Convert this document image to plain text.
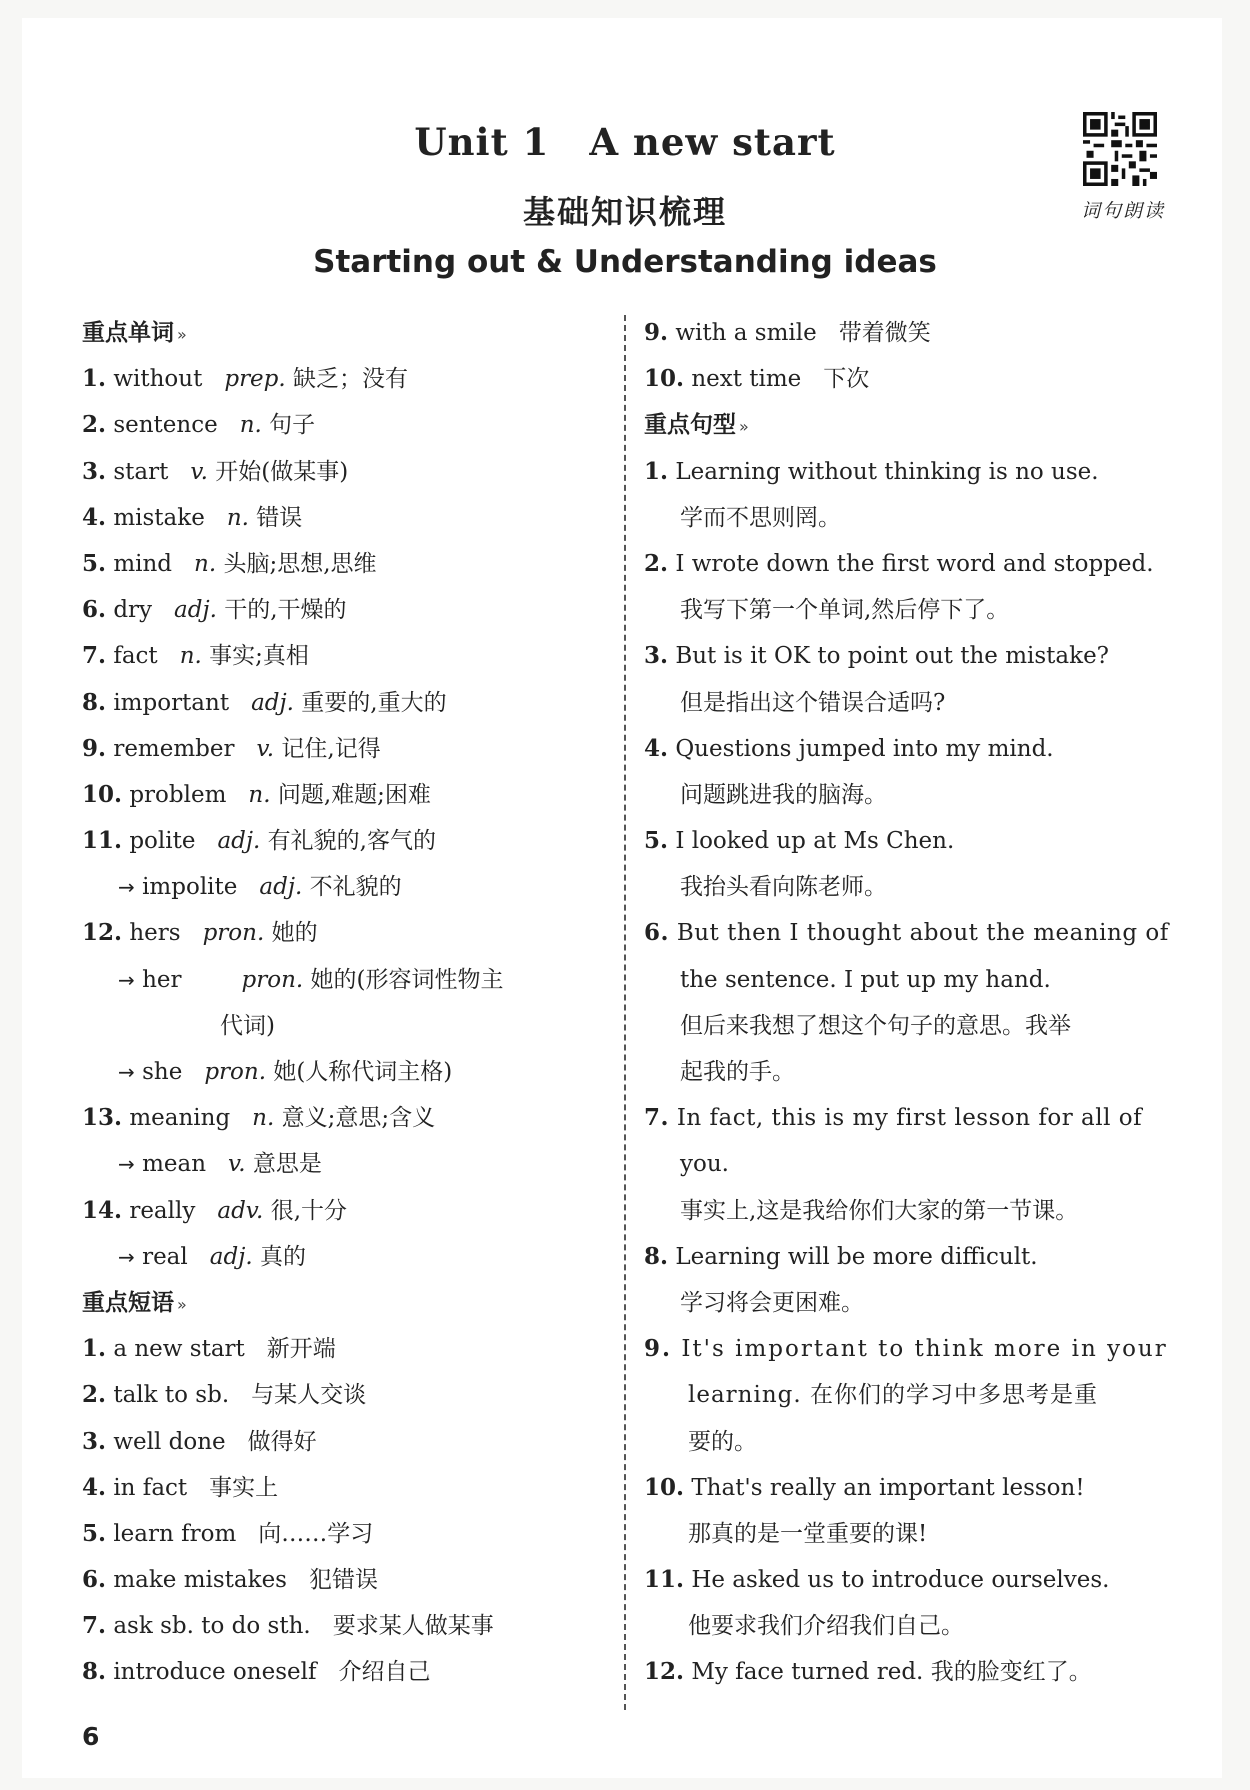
Unit 1 A new start
基础知识梳理
Starting out & Understanding ideas
词句朗读
重点单词 »
1. without prep. 缺乏；没有
2. sentence n. 句子
3. start v. 开始(做某事)
4. mistake n. 错误
5. mind n. 头脑;思想,思维
6. dry adj. 干的,干燥的
7. fact n. 事实;真相
8. important adj. 重要的,重大的
9. remember v. 记住,记得
10. problem n. 问题,难题;困难
11. polite adj. 有礼貌的,客气的
→ impolite adj. 不礼貌的
12. hers pron. 她的
→ her	pron. 她的(形容词性物主
代词)
→ she pron. 她(人称代词主格)
13. meaning n. 意义;意思;含义
→ mean v. 意思是
14. really adv. 很,十分
→ real adj. 真的
重点短语 »
1. a new start 新开端
2. talk to sb. 与某人交谈
3. well done 做得好
4. in fact 事实上
5. learn from 向……学习
6. make mistakes 犯错误
7. ask sb. to do sth. 要求某人做某事
8. introduce oneself 介绍自己
9. with a smile 带着微笑
10. next time 下次
重点句型 »
1. Learning without thinking is no use.
学而不思则罔。
2. I wrote down the first word and stopped.
我写下第一个单词,然后停下了。
3. But is it OK to point out the mistake?
但是指出这个错误合适吗?
4. Questions jumped into my mind.
问题跳进我的脑海。
5. I looked up at Ms Chen.
我抬头看向陈老师。
6. But then I thought about the meaning of
the sentence. I put up my hand.
但后来我想了想这个句子的意思。我举
起我的手。
7. In fact, this is my first lesson for all of
you.
事实上,这是我给你们大家的第一节课。
8. Learning will be more difficult.
学习将会更困难。
9. It's important to think more in your
learning. 在你们的学习中多思考是重
要的。
10. That's really an important lesson!
那真的是一堂重要的课!
11. He asked us to introduce ourselves.
他要求我们介绍我们自己。
12. My face turned red. 我的脸变红了。
6
